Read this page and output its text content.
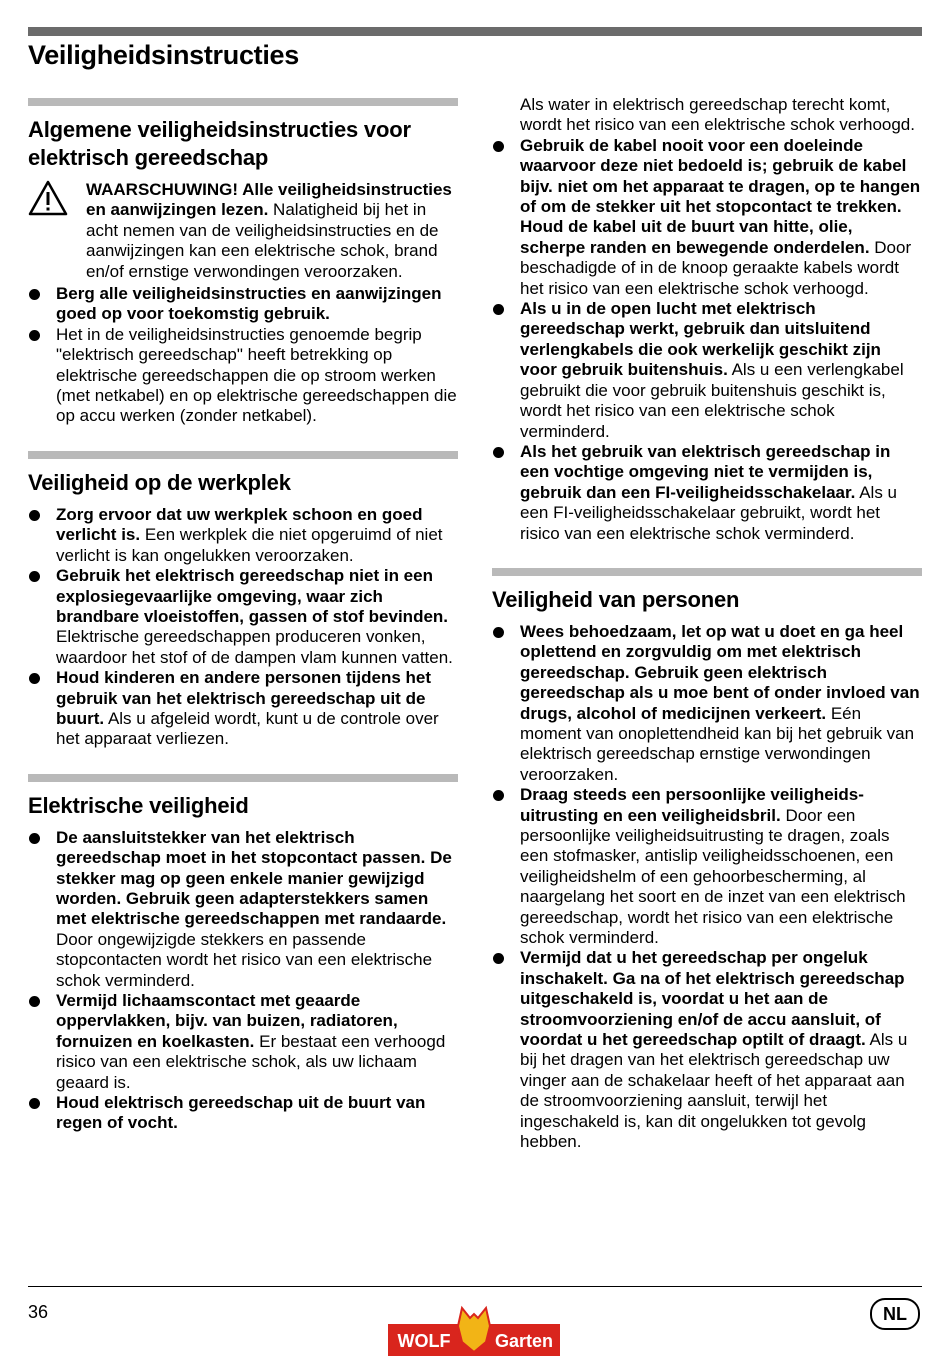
Veiligheidsinstructies
Algemene veiligheidsinstructies voor elektrisch gereedschap
WAARSCHUWING! Alle veiligheidsinstructies en aanwijzingen lezen. Nalatigheid bij het in acht nemen van de veiligheidsinstructies en de aanwijzingen kan een elektrische schok, brand en/of ernstige verwondingen veroorzaken.
Berg alle veiligheidsinstructies en aanwijzingen goed op voor toekomstig gebruik.
Het in de veiligheidsinstructies genoemde begrip "elektrisch gereedschap" heeft betrekking op elektrische gereedschappen die op stroom werken (met netkabel) en op elektrische gereedschappen die op accu werken (zonder netkabel).
Veiligheid op de werkplek
Zorg ervoor dat uw werkplek schoon en goed verlicht is. Een werkplek die niet opgeruimd of niet verlicht is kan ongelukken veroorzaken.
Gebruik het elektrisch gereedschap niet in een explosiegevaarlijke omgeving, waar zich brandbare vloeistoffen, gassen of stof bevinden. Elektrische gereedschappen produceren vonken, waardoor het stof of de dampen vlam kunnen vatten.
Houd kinderen en andere personen tijdens het gebruik van het elektrisch gereedschap uit de buurt. Als u afgeleid wordt, kunt u de controle over het apparaat verliezen.
Elektrische veiligheid
De aansluitstekker van het elektrisch gereedschap moet in het stopcontact passen. De stekker mag op geen enkele manier gewijzigd worden. Gebruik geen adapterstekkers samen met elektrische gereedschappen met randaarde. Door ongewijzigde stekkers en passende stopcontacten wordt het risico van een elektrische schok verminderd.
Vermijd lichaamscontact met geaarde oppervlakken, bijv. van buizen, radiatoren, fornuizen en koelkasten. Er bestaat een verhoogd risico van een elektrische schok, als uw lichaam geaard is.
Houd elektrisch gereedschap uit de buurt van regen of vocht.
Als water in elektrisch gereedschap terecht komt, wordt het risico van een elektrische schok verhoogd.
Gebruik de kabel nooit voor een doeleinde waarvoor deze niet bedoeld is; gebruik de kabel bijv. niet om het apparaat te dragen, op te hangen of om de stekker uit het stopcontact te trekken. Houd de kabel uit de buurt van hitte, olie, scherpe randen en bewegende onderdelen. Door beschadigde of in de knoop geraakte kabels wordt het risico van een elektrische schok verhoogd.
Als u in de open lucht met elektrisch gereedschap werkt, gebruik dan uitsluitend verlengkabels die ook werkelijk geschikt zijn voor gebruik buitenshuis. Als u een verlengkabel gebruikt die voor gebruik buitenshuis geschikt is, wordt het risico van een elektrische schok verminderd.
Als het gebruik van elektrisch gereedschap in een vochtige omgeving niet te vermijden is, gebruik dan een FI-veiligheidsschakelaar. Als u een FI-veiligheidsschakelaar gebruikt, wordt het risico van een elektrische schok verminderd.
Veiligheid van personen
Wees behoedzaam, let op wat u doet en ga heel oplettend en zorgvuldig om met elektrisch gereedschap. Gebruik geen elektrisch gereedschap als u moe bent of onder invloed van drugs, alcohol of medicijnen verkeert. Eén moment van onoplettendheid kan bij het gebruik van elektrisch gereedschap ernstige verwondingen veroorzaken.
Draag steeds een persoonlijke veiligheids-uitrusting en een veiligheidsbril. Door een persoonlijke veiligheidsuitrusting te dragen, zoals een stofmasker, antislip veiligheidsschoenen, een veiligheidshelm of een gehoorbescherming, al naargelang het soort en de inzet van een elektrisch gereedschap, wordt het risico van een elektrische schok verminderd.
Vermijd dat u het gereedschap per ongeluk inschakelt. Ga na of het elektrisch gereedschap uitgeschakeld is, voordat u het aan de stroomvoorziening en/of de accu aansluit, of voordat u het gereedschap optilt of draagt. Als u bij het dragen van het elektrisch gereedschap uw vinger aan de schakelaar heeft of het apparaat aan de stroomvoorziening aansluit, terwijl het ingeschakeld is, kan dit ongelukken tot gevolg hebben.
36
WOLF Garten
NL
